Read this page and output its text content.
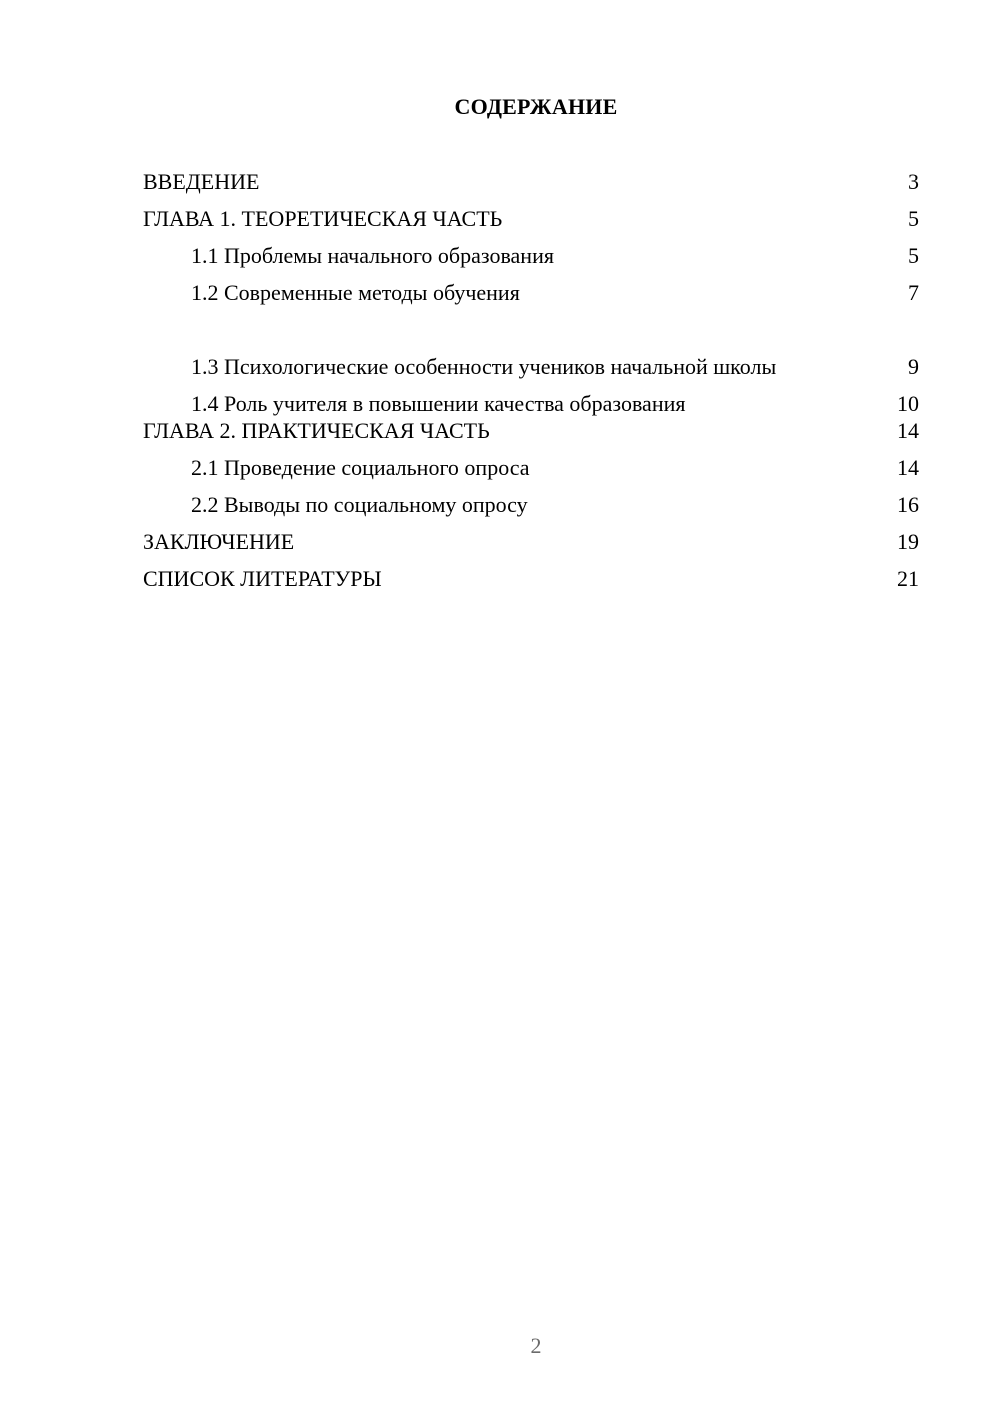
СОДЕРЖАНИЕ
ВВЕДЕНИЕ	3
ГЛАВА 1. ТЕОРЕТИЧЕСКАЯ ЧАСТЬ	5
1.1 Проблемы начального образования	5
1.2 Современные методы обучения	7
1.3 Психологические особенности учеников начальной школы	9
1.4 Роль учителя в повышении качества образования	10
ГЛАВА 2. ПРАКТИЧЕСКАЯ ЧАСТЬ	14
2.1 Проведение социального опроса	14
2.2 Выводы по социальному опросу	16
ЗАКЛЮЧЕНИЕ	19
СПИСОК ЛИТЕРАТУРЫ	21
2
